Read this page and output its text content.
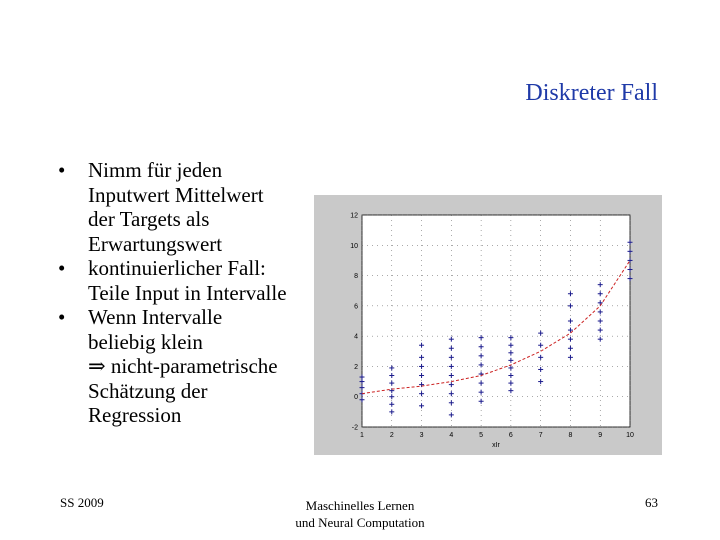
Diskreter Fall
•	Nimm für jeden
Inputwert Mittelwert
der Targets als
Erwartungswert
•	kontinuierlicher Fall:
Teile Input in Intervalle
•	Wenn Intervalle
beliebig klein
⇒ nicht-parametrische
Schätzung der
Regression
1	2	3	4	5	6	7	8	9	10
-2
0
2
4
6
8
10
12
xIr
SS 2009	Maschinelles Lernen
und Neural Computation
63
